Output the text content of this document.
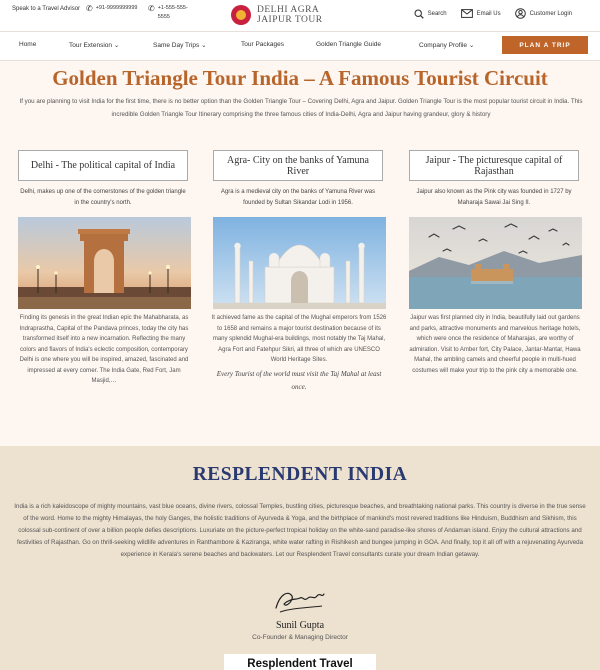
Speak to a Travel Advisor ✆ +91-9999999999 ✆ +1-555-555-5555
DELHI AGRA
JAIPUR TOUR
Search	Email Us	Customer Login
Home	Tour Extension ⌄	Same Day Trips ⌄	Tour Packages	Golden Triangle Guide	Company Profile ⌄	PLAN A TRIP
Golden Triangle Tour India – A Famous Tourist Circuit
If you are planning to visit India for the first time, there is no better option than the Golden Triangle Tour – Covering Delhi, Agra and Jaipur. Golden Triangle Tour is the most popular tourist circuit in India. This incredible Golden Triangle Tour Itinerary comprising the three famous cities of India-Delhi, Agra and Jaipur having grandeur, glory & history
Delhi - The political capital of India
Delhi, makes up one of the cornerstones of the golden triangle in the country's north.
Finding its genesis in the great Indian epic the Mahabharata, as Indraprastha, Capital of the Pandava princes, today the city has transformed itself into a new incarnation. Reflecting the many colors and flavors of India's eclectic composition, contemporary Delhi is one where you will be inspired, amazed, fascinated and impressed at every corner. The India Gate, Red Fort, Jam Masjid,…
Agra- City on the banks of Yamuna River
Agra is a medieval city on the banks of Yamuna River was founded by Sultan Sikandar Lodi in 1956.
It achieved fame as the capital of the Mughal emperors from 1526 to 1658 and remains a major tourist destination because of its many splendid Mughal-era buildings, most notably the Taj Mahal, Agra Fort and Fatehpur Sikri, all three of which are UNESCO World Heritage Sites.
Every Tourist of the world must visit the Taj Mahal at least once.
Jaipur - The picturesque capital of Rajasthan
Jaipur also known as the Pink city was founded in 1727 by Maharaja Sawai Jai Sing II.
Jaipur was first planned city in India, beautifully laid out gardens and parks, attractive monuments and marvelous heritage hotels, which were once the residence of Maharajas, are worthy of admiration. Visit to Amber fort, City Palace, Jantar-Mantar, Hawa Mahal, the ambling camels and cheerful people in multi-hued costumes will make your trip to the pink city a memorable one.
RESPLENDENT INDIA
India is a rich kaleidoscope of mighty mountains, vast blue oceans, divine rivers, colossal Temples, bustling cities, picturesque beaches, and breathtaking national parks. This country is diverse in the true sense of the word. Home to the mighty Himalayas, the holy Ganges, the holistic traditions of Ayurveda & Yoga, and the birthplace of mankind's most revered traditions like Hinduism, Buddhism and Sikhism, this colossal sub-continent of over a billion people defies descriptions. Luxuriate on the picture-perfect tropical holiday on the white-sand paradise-like shores of Andaman island. Enjoy the cultural attractions and festivities of Rajasthan. Go on thrill-seeking wildlife adventures in Ranthambore & Kaziranga, white water rafting in Rishikesh and bungee jumping in GOA. And finally, top it all off with a rejuvenating Ayurveda experience in Kerala's serene beaches and backwaters. Let our Resplendent Travel consultants curate your dream Indian getaway.
Sunil Gupta
Co-Founder & Managing Director
Resplendent Travel
